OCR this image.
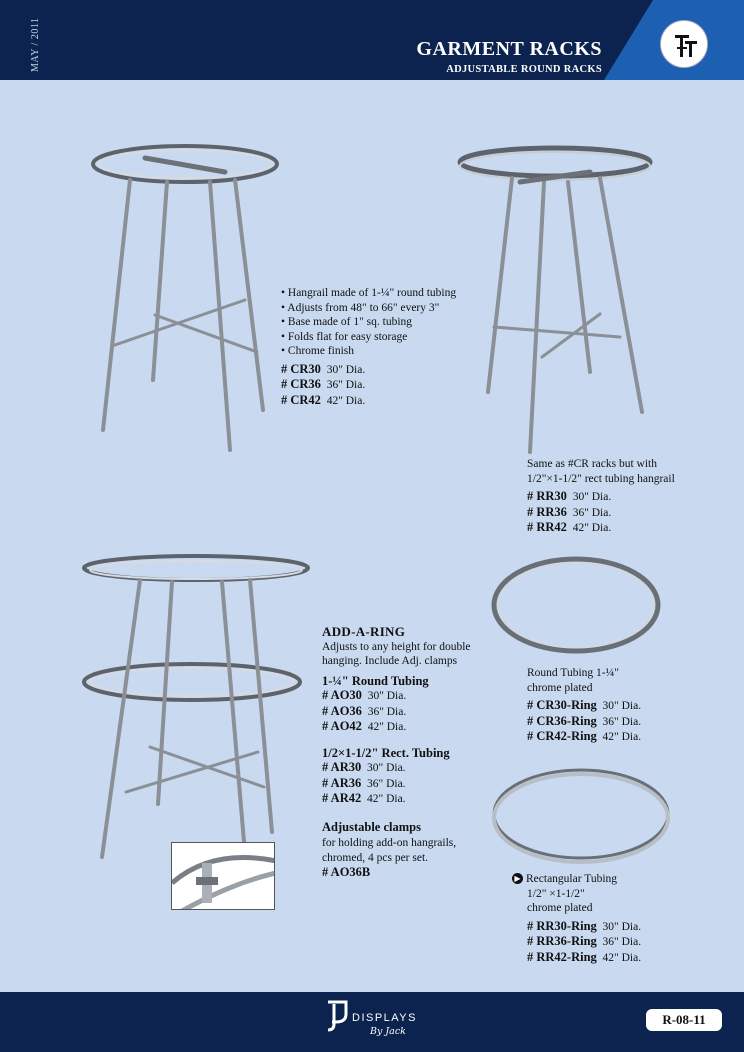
MAY / 2011	GARMENT RACKS
ADJUSTABLE ROUND RACKS
• Hangrail made of 1-¼" round tubing
• Adjusts from 48" to 66" every 3"
• Base made of 1" sq. tubing
• Folds flat for easy storage
• Chrome finish
# CR30 30" Dia.
# CR36 36" Dia.
# CR42 42" Dia.
Same as #CR racks but with
1/2"×1-1/2" rect tubing hangrail
# RR30 30" Dia.
# RR36 36" Dia.
# RR42 42" Dia.
ADD-A-RING
Adjusts to any height for double
hanging. Include Adj. clamps
1-¼" Round Tubing
# AO30 30" Dia.
# AO36 36" Dia.
# AO42 42" Dia.
1/2×1-1/2" Rect. Tubing
# AR30 30" Dia.
# AR36 36" Dia.
# AR42 42" Dia.
Adjustable clamps
for holding add-on hangrails,
chromed, 4 pcs per set.
# AO36B
Round Tubing 1-¼"
chrome plated
# CR30-Ring 30" Dia.
# CR36-Ring 36" Dia.
# CR42-Ring 42" Dia.
▶ Rectangular Tubing
1/2" ×1-1/2"
chrome plated
# RR30-Ring 30" Dia.
# RR36-Ring 36" Dia.
# RR42-Ring 42" Dia.
DISPLAYS
By Jack
R-08-11
